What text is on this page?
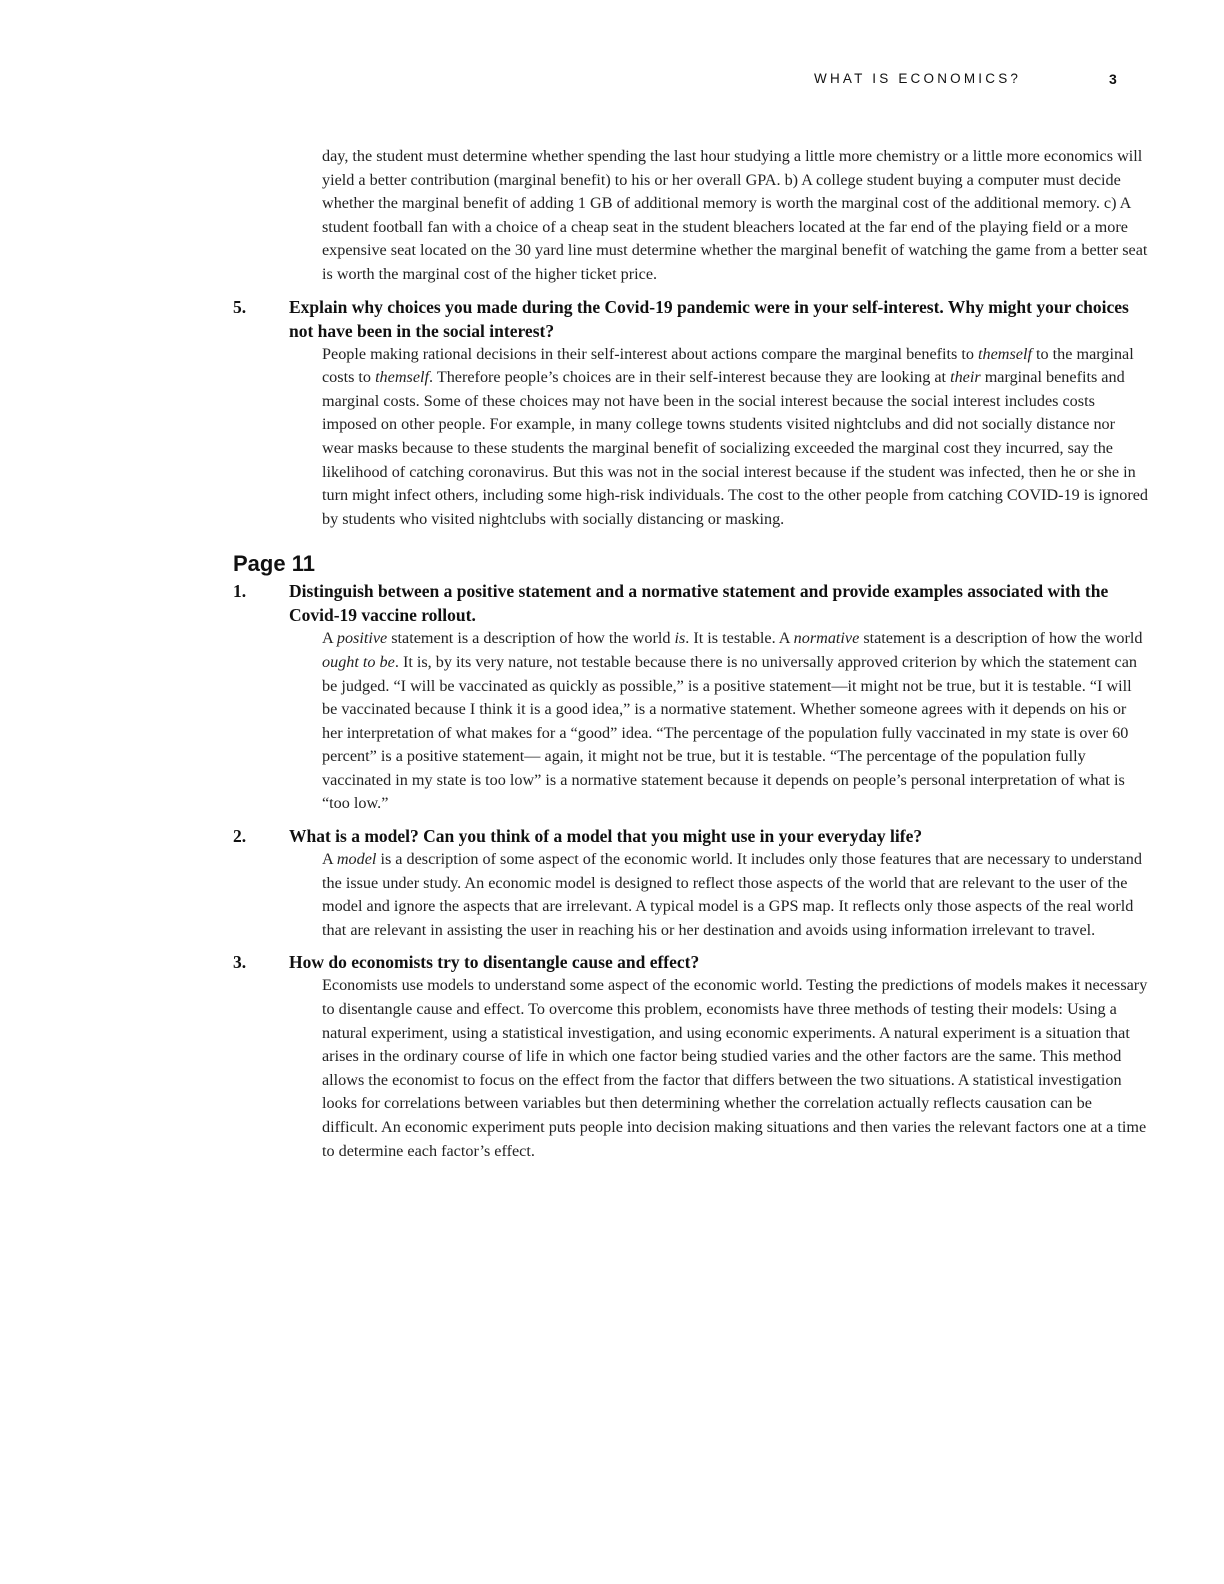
WHAT IS ECONOMICS?	3
day, the student must determine whether spending the last hour studying a little more chemistry or a little more economics will yield a better contribution (marginal benefit) to his or her overall GPA. b) A college student buying a computer must decide whether the marginal benefit of adding 1 GB of additional memory is worth the marginal cost of the additional memory. c) A student football fan with a choice of a cheap seat in the student bleachers located at the far end of the playing field or a more expensive seat located on the 30 yard line must determine whether the marginal benefit of watching the game from a better seat is worth the marginal cost of the higher ticket price.
5. Explain why choices you made during the Covid-19 pandemic were in your self-interest. Why might your choices not have been in the social interest?
People making rational decisions in their self-interest about actions compare the marginal benefits to themself to the marginal costs to themself. Therefore people’s choices are in their self-interest because they are looking at their marginal benefits and marginal costs. Some of these choices may not have been in the social interest because the social interest includes costs imposed on other people. For example, in many college towns students visited nightclubs and did not socially distance nor wear masks because to these students the marginal benefit of socializing exceeded the marginal cost they incurred, say the likelihood of catching coronavirus. But this was not in the social interest because if the student was infected, then he or she in turn might infect others, including some high-risk individuals. The cost to the other people from catching COVID-19 is ignored by students who visited nightclubs with socially distancing or masking.
Page 11
1. Distinguish between a positive statement and a normative statement and provide examples associated with the Covid-19 vaccine rollout.
A positive statement is a description of how the world is. It is testable. A normative statement is a description of how the world ought to be. It is, by its very nature, not testable because there is no universally approved criterion by which the statement can be judged. “I will be vaccinated as quickly as possible,” is a positive statement—it might not be true, but it is testable. “I will be vaccinated because I think it is a good idea,” is a normative statement. Whether someone agrees with it depends on his or her interpretation of what makes for a “good” idea. “The percentage of the population fully vaccinated in my state is over 60 percent” is a positive statement— again, it might not be true, but it is testable. “The percentage of the population fully vaccinated in my state is too low” is a normative statement because it depends on people’s personal interpretation of what is “too low.”
2. What is a model? Can you think of a model that you might use in your everyday life?
A model is a description of some aspect of the economic world. It includes only those features that are necessary to understand the issue under study. An economic model is designed to reflect those aspects of the world that are relevant to the user of the model and ignore the aspects that are irrelevant. A typical model is a GPS map. It reflects only those aspects of the real world that are relevant in assisting the user in reaching his or her destination and avoids using information irrelevant to travel.
3. How do economists try to disentangle cause and effect?
Economists use models to understand some aspect of the economic world. Testing the predictions of models makes it necessary to disentangle cause and effect. To overcome this problem, economists have three methods of testing their models: Using a natural experiment, using a statistical investigation, and using economic experiments. A natural experiment is a situation that arises in the ordinary course of life in which one factor being studied varies and the other factors are the same. This method allows the economist to focus on the effect from the factor that differs between the two situations. A statistical investigation looks for correlations between variables but then determining whether the correlation actually reflects causation can be difficult. An economic experiment puts people into decision making situations and then varies the relevant factors one at a time to determine each factor’s effect.
